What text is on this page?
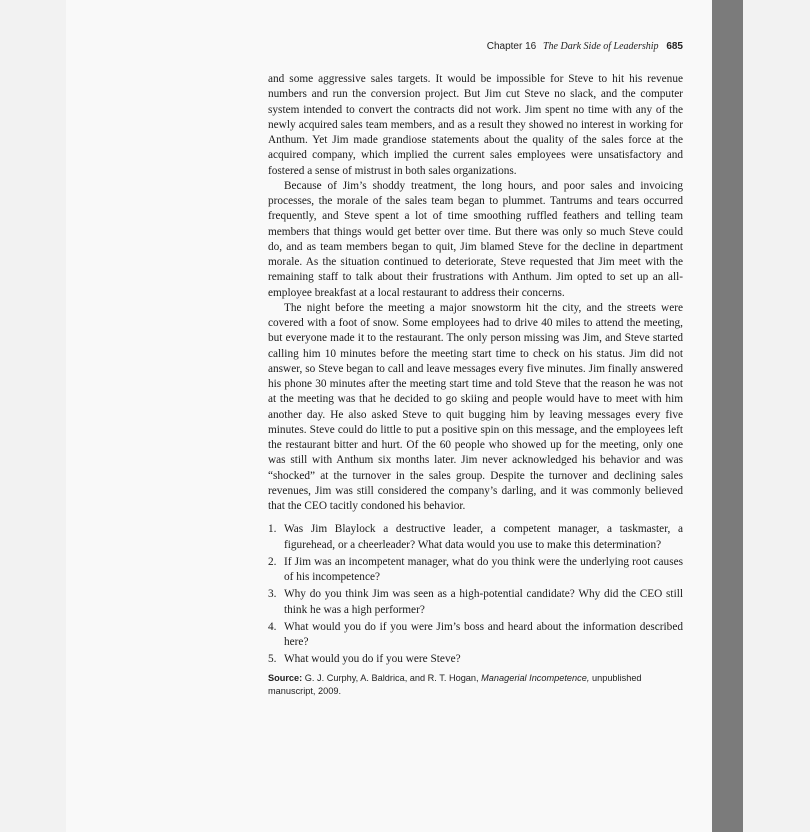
Chapter 16 The Dark Side of Leadership 685

and some aggressive sales targets. It would be impossible for Steve to hit his revenue numbers and run the conversion project. But Jim cut Steve no slack, and the computer system intended to convert the contracts did not work. Jim spent no time with any of the newly acquired sales team members, and as a result they showed no interest in working for Anthum. Yet Jim made grandiose statements about the quality of the sales force at the acquired company, which implied the current sales employees were unsatisfactory and fostered a sense of mistrust in both sales organizations.

Because of Jim’s shoddy treatment, the long hours, and poor sales and invoicing processes, the morale of the sales team began to plummet. Tantrums and tears occurred frequently, and Steve spent a lot of time smoothing ruffled feathers and telling team members that things would get better over time. But there was only so much Steve could do, and as team members began to quit, Jim blamed Steve for the decline in department morale. As the situation continued to deteriorate, Steve requested that Jim meet with the remaining staff to talk about their frustrations with Anthum. Jim opted to set up an all-employee breakfast at a local restaurant to address their concerns.

The night before the meeting a major snowstorm hit the city, and the streets were covered with a foot of snow. Some employees had to drive 40 miles to attend the meeting, but everyone made it to the restaurant. The only person missing was Jim, and Steve started calling him 10 minutes before the meeting start time to check on his status. Jim did not answer, so Steve began to call and leave messages every five minutes. Jim finally answered his phone 30 minutes after the meeting start time and told Steve that the reason he was not at the meeting was that he decided to go skiing and people would have to meet with him another day. He also asked Steve to quit bugging him by leaving messages every five minutes. Steve could do little to put a positive spin on this message, and the employees left the restaurant bitter and hurt. Of the 60 people who showed up for the meeting, only one was still with Anthum six months later. Jim never acknowledged his behavior and was “shocked” at the turnover in the sales group. Despite the turnover and declining sales revenues, Jim was still considered the company’s darling, and it was commonly believed that the CEO tacitly condoned his behavior.

1. Was Jim Blaylock a destructive leader, a competent manager, a taskmaster, a figurehead, or a cheerleader? What data would you use to make this determination?
2. If Jim was an incompetent manager, what do you think were the underlying root causes of his incompetence?
3. Why do you think Jim was seen as a high-potential candidate? Why did the CEO still think he was a high performer?
4. What would you do if you were Jim’s boss and heard about the information described here?
5. What would you do if you were Steve?
Source: G. J. Curphy, A. Baldrica, and R. T. Hogan, Managerial Incompetence, unpublished manuscript, 2009.
